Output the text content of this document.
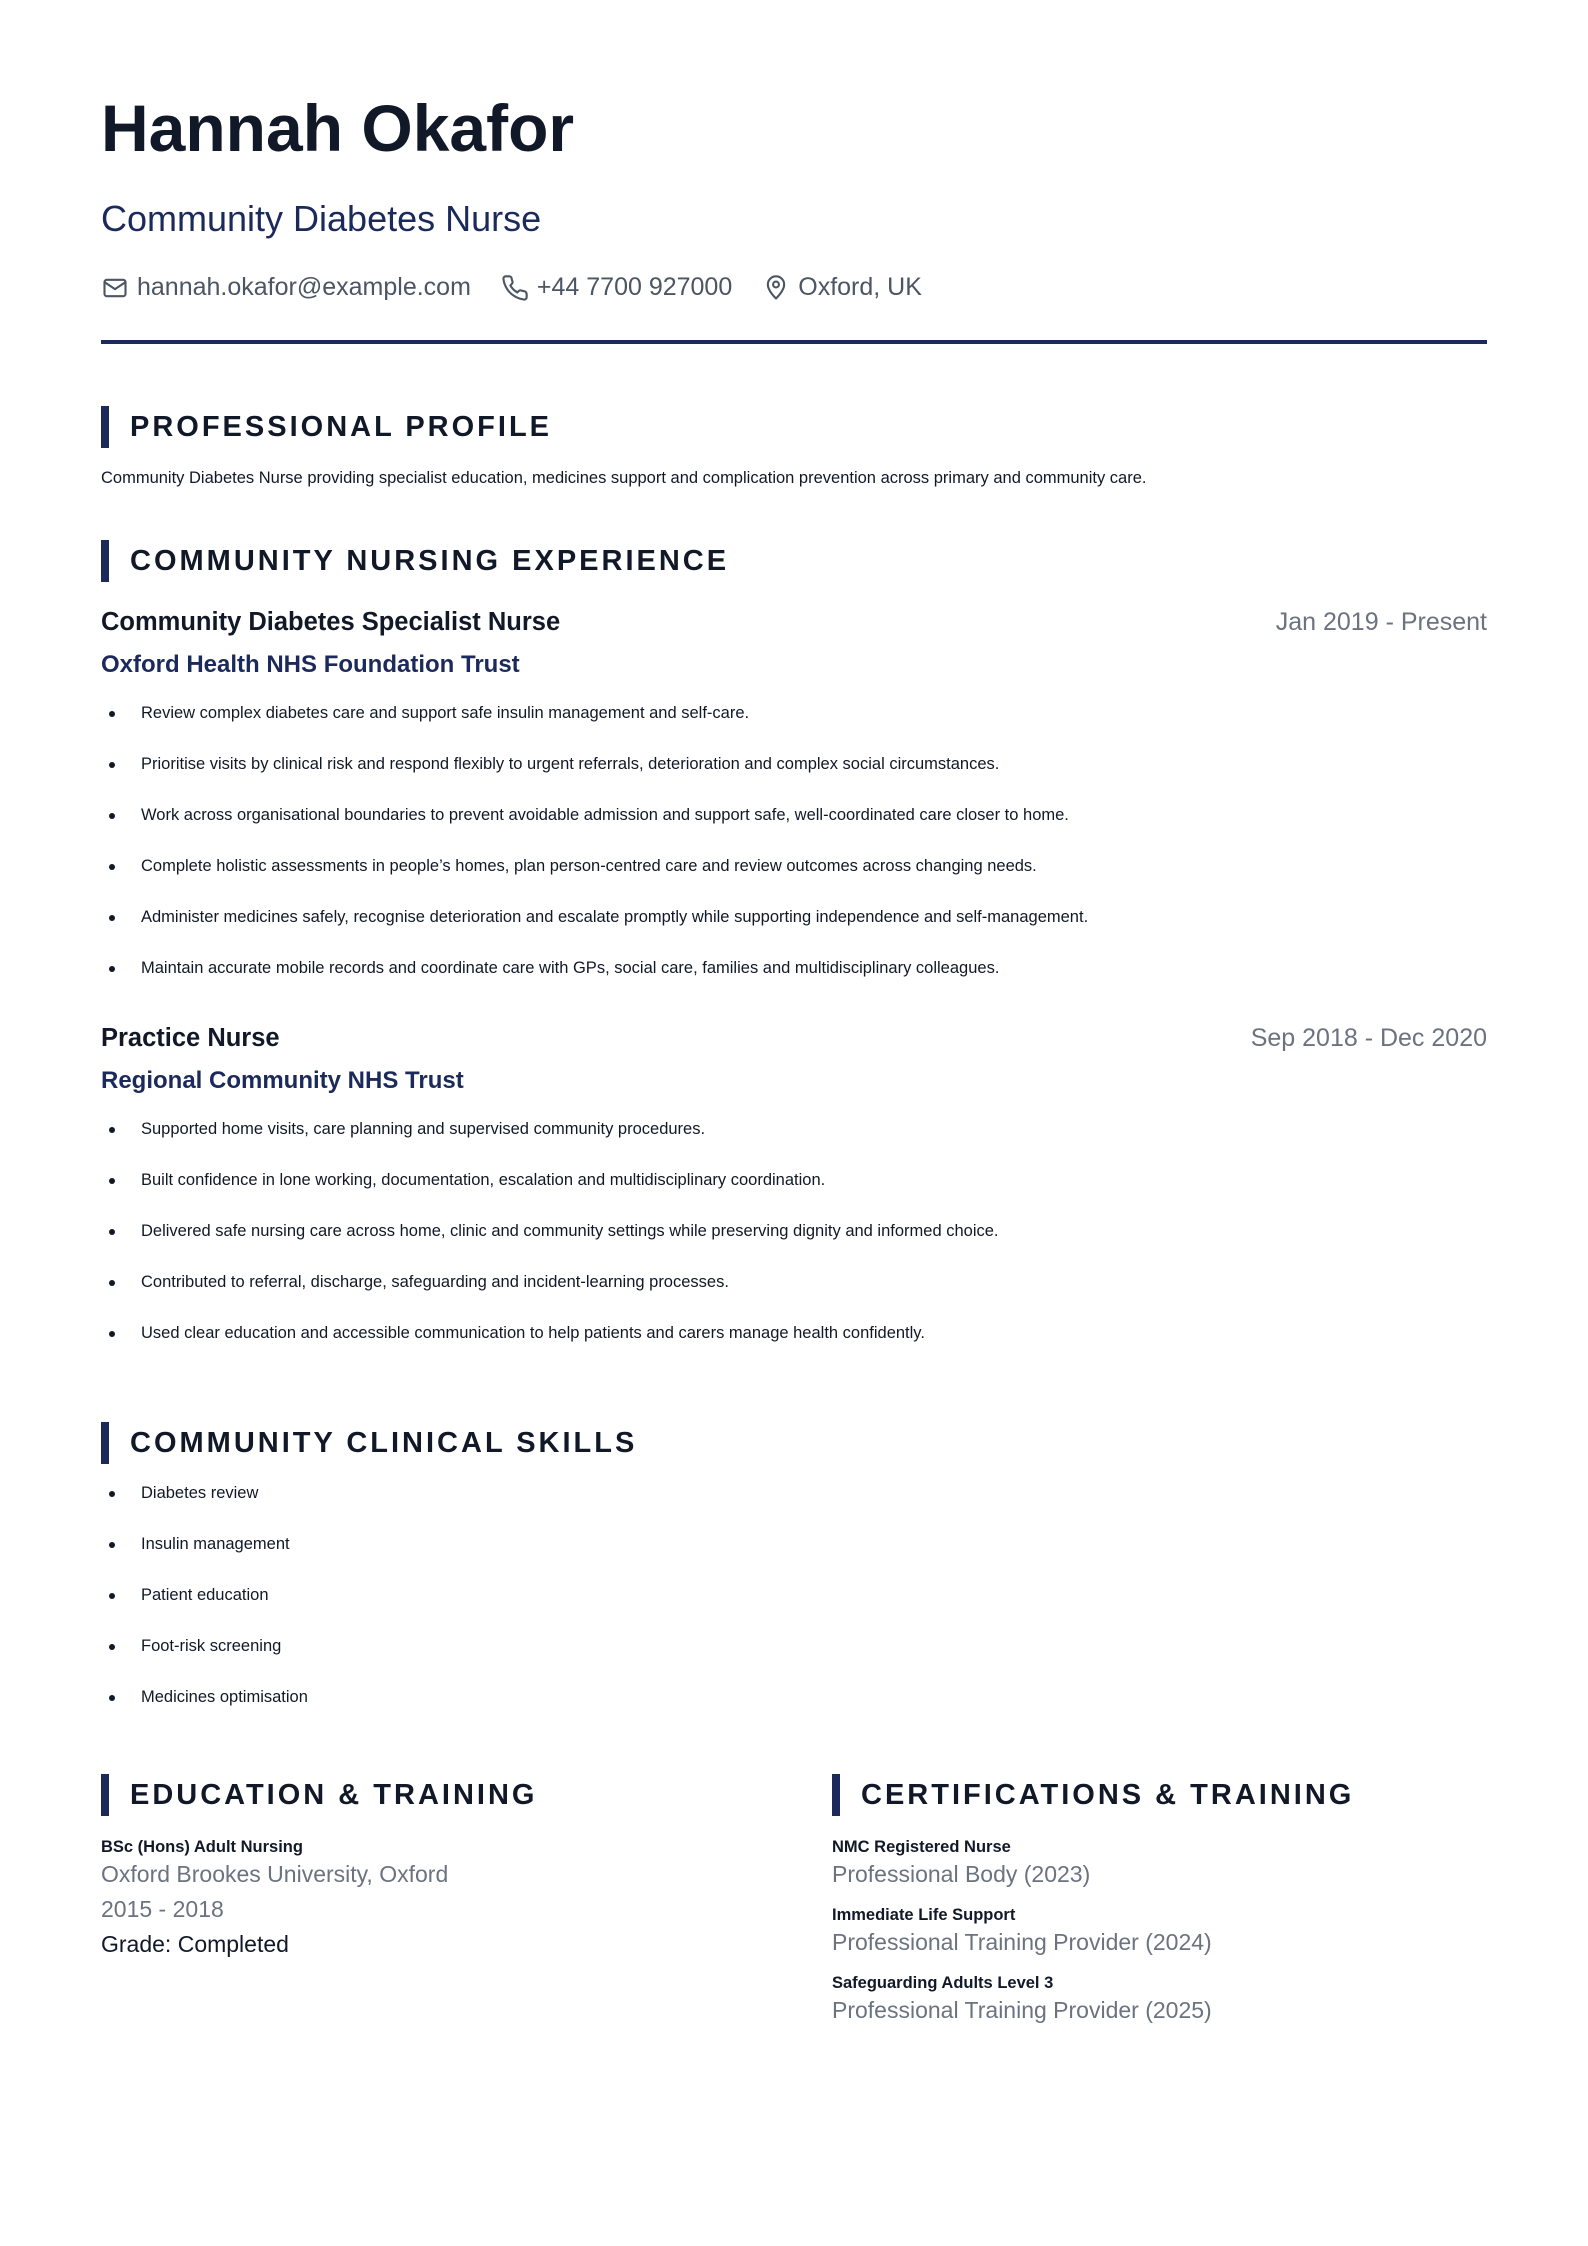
Hannah Okafor
Community Diabetes Nurse
hannah.okafor@example.com	+44 7700 927000	Oxford, UK
PROFESSIONAL PROFILE
Community Diabetes Nurse providing specialist education, medicines support and complication prevention across primary and community care.
COMMUNITY NURSING EXPERIENCE
Community Diabetes Specialist Nurse	Jan 2019 - Present
Oxford Health NHS Foundation Trust
Review complex diabetes care and support safe insulin management and self-care.
Prioritise visits by clinical risk and respond flexibly to urgent referrals, deterioration and complex social circumstances.
Work across organisational boundaries to prevent avoidable admission and support safe, well-coordinated care closer to home.
Complete holistic assessments in people’s homes, plan person-centred care and review outcomes across changing needs.
Administer medicines safely, recognise deterioration and escalate promptly while supporting independence and self-management.
Maintain accurate mobile records and coordinate care with GPs, social care, families and multidisciplinary colleagues.
Practice Nurse	Sep 2018 - Dec 2020
Regional Community NHS Trust
Supported home visits, care planning and supervised community procedures.
Built confidence in lone working, documentation, escalation and multidisciplinary coordination.
Delivered safe nursing care across home, clinic and community settings while preserving dignity and informed choice.
Contributed to referral, discharge, safeguarding and incident-learning processes.
Used clear education and accessible communication to help patients and carers manage health confidently.
COMMUNITY CLINICAL SKILLS
Diabetes review
Insulin management
Patient education
Foot-risk screening
Medicines optimisation
EDUCATION & TRAINING
BSc (Hons) Adult Nursing
Oxford Brookes University, Oxford
2015 - 2018
Grade: Completed
CERTIFICATIONS & TRAINING
NMC Registered Nurse
Professional Body (2023)
Immediate Life Support
Professional Training Provider (2024)
Safeguarding Adults Level 3
Professional Training Provider (2025)
